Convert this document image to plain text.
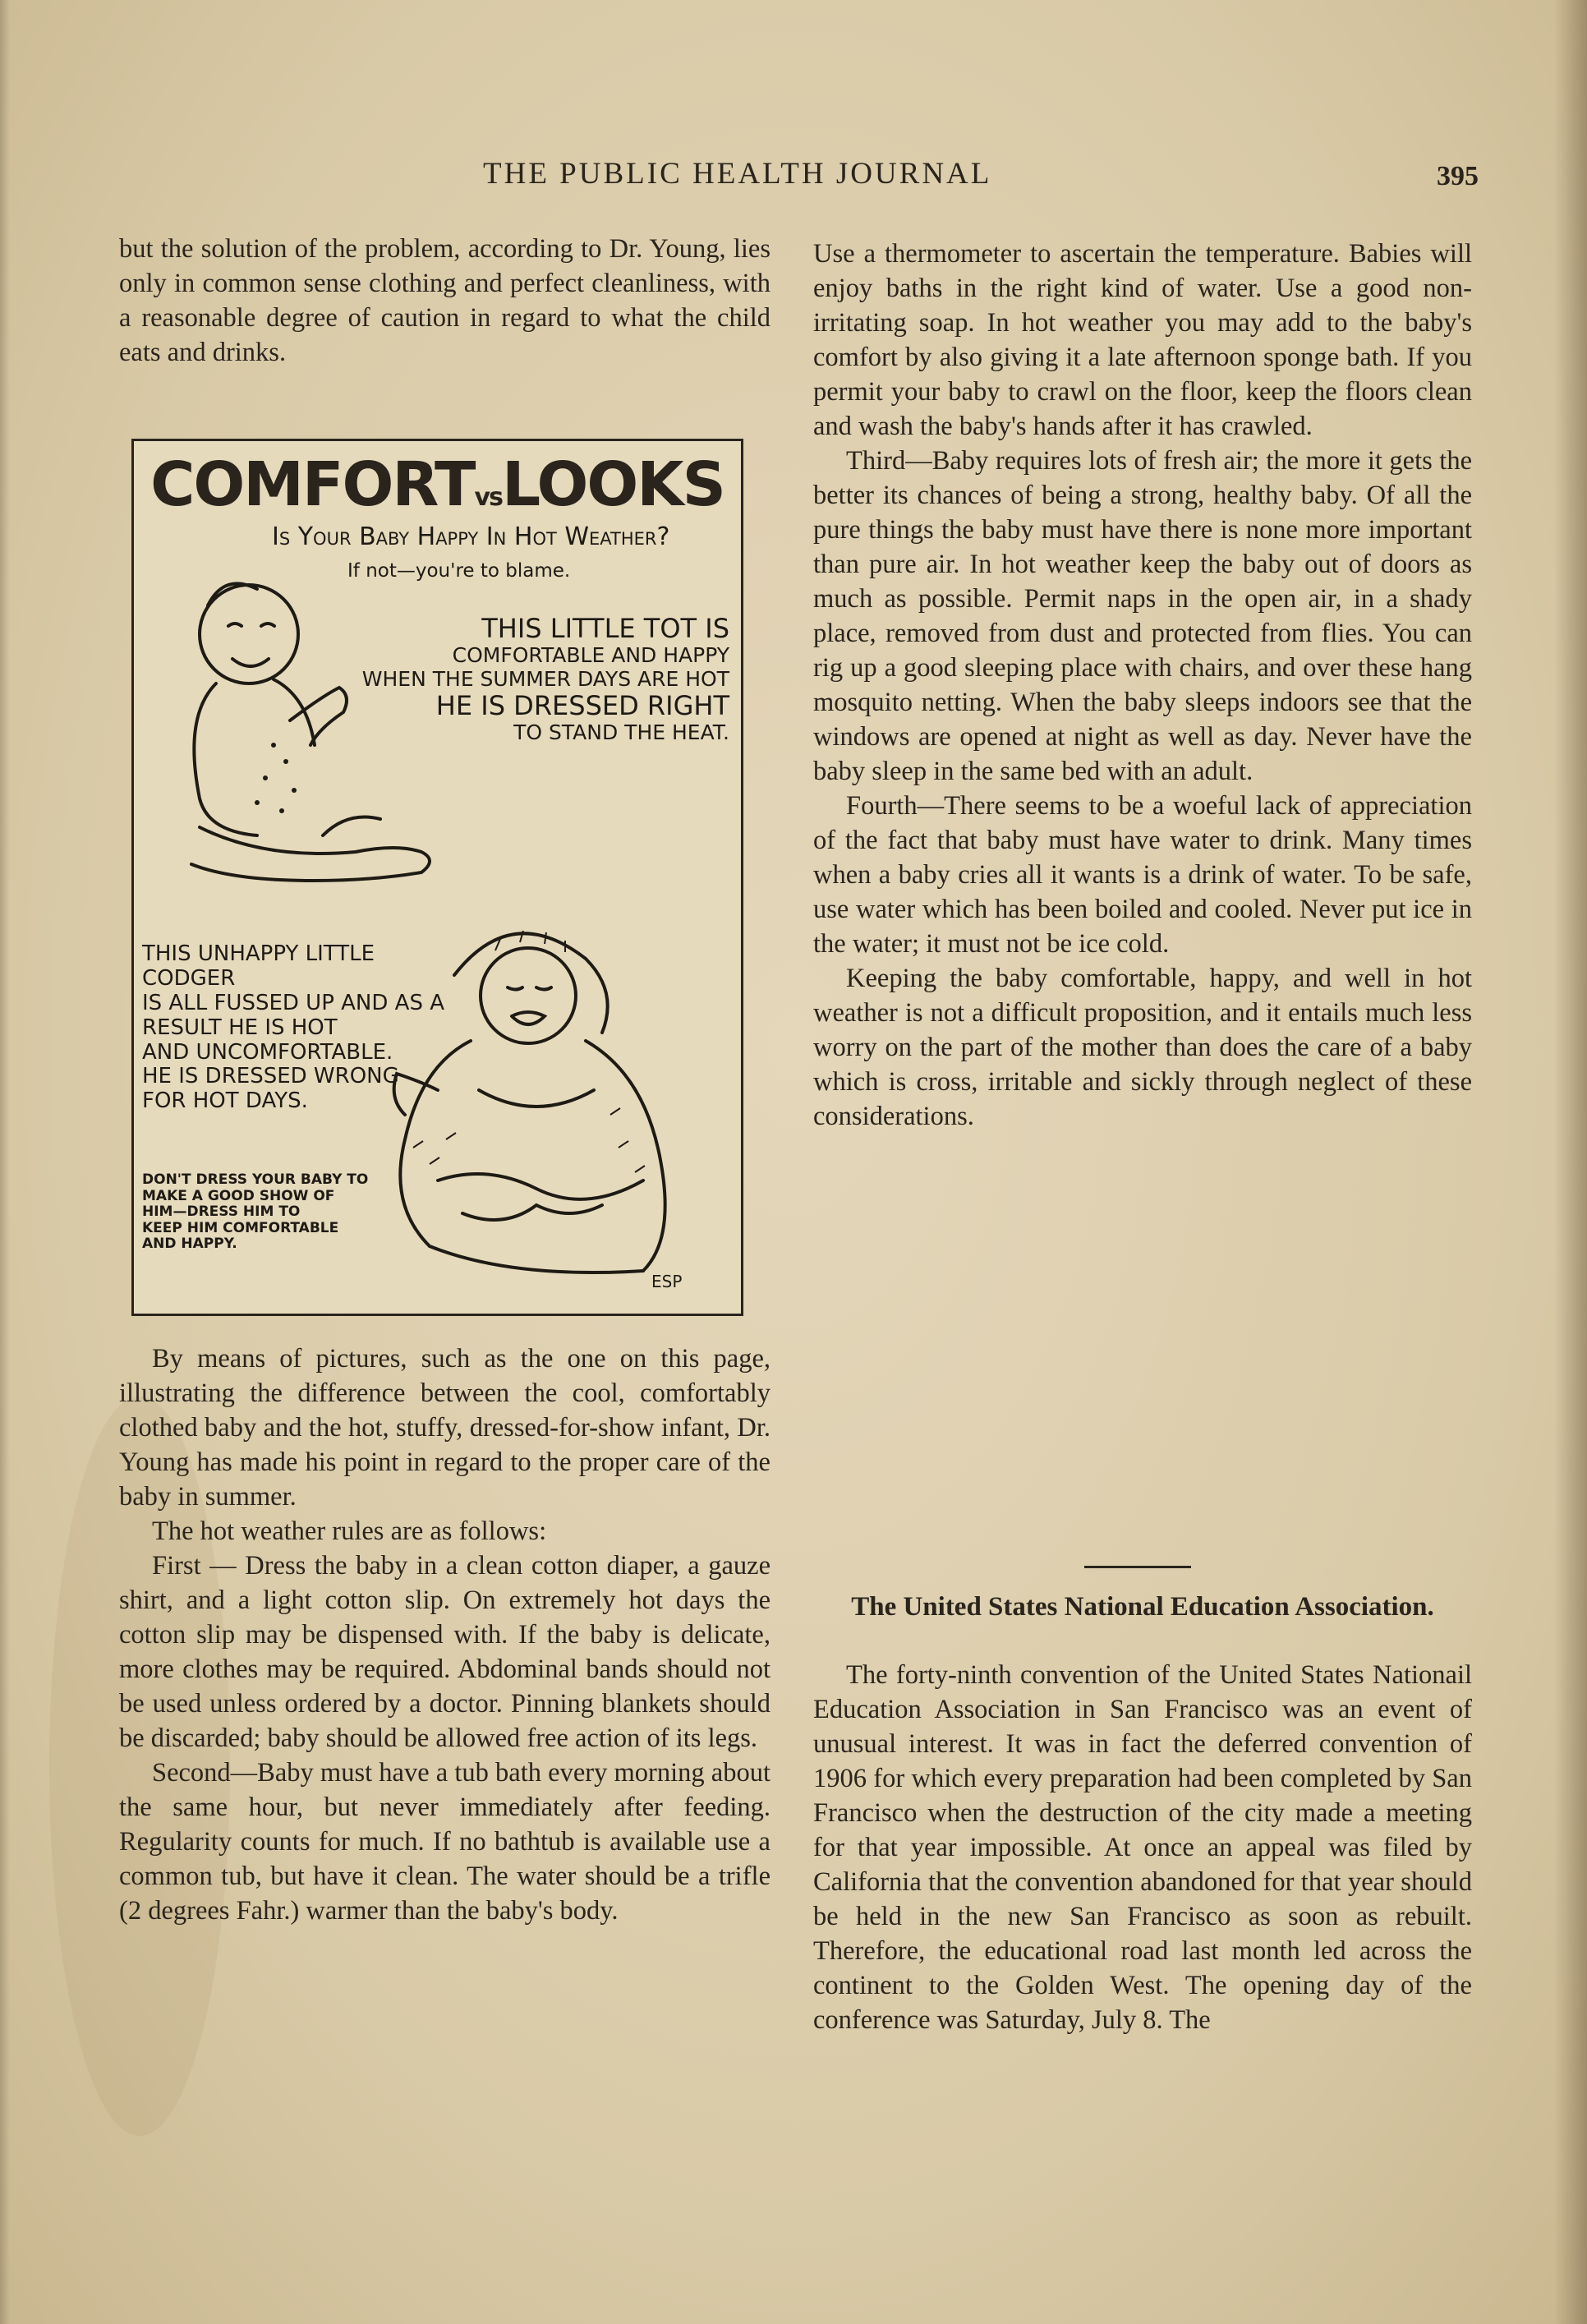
THE PUBLIC HEALTH JOURNAL	395

but the solution of the problem, according to Dr. Young, lies only in common sense clothing and perfect cleanliness, with a reasonable degree of caution in regard to what the child eats and drinks.

COMFORTvsLOOKS
Is Your Baby Happy In Hot Weather?
If not—you're to blame.
THIS LITTLE TOT IS
COMFORTABLE AND HAPPY
WHEN THE SUMMER DAYS ARE HOT
HE IS DRESSED RIGHT
TO STAND THE HEAT.
ESP
THIS UNHAPPY LITTLE CODGER
IS ALL FUSSED UP AND AS A
RESULT HE IS HOT
AND UNCOMFORTABLE.
HE IS DRESSED WRONG
FOR HOT DAYS.
DON'T DRESS YOUR BABY TO
MAKE A GOOD SHOW OF
HIM—DRESS HIM TO
KEEP HIM COMFORTABLE
AND HAPPY.

By means of pictures, such as the one on this page, illustrating the difference between the cool, comfortably clothed baby and the hot, stuffy, dressed-for-show infant, Dr. Young has made his point in regard to the proper care of the baby in summer.

The hot weather rules are as follows:

First — Dress the baby in a clean cotton diaper, a gauze shirt, and a light cotton slip. On extremely hot days the cotton slip may be dispensed with. If the baby is delicate, more clothes may be required. Abdominal bands should not be used unless ordered by a doctor. Pinning blankets should be discarded; baby should be allowed free action of its legs.

Second—Baby must have a tub bath every morning about the same hour, but never immediately after feeding. Regularity counts for much. If no bathtub is available use a common tub, but have it clean. The water should be a trifle (2 degrees Fahr.) warmer than the baby's body.

Use a thermometer to ascertain the temperature. Babies will enjoy baths in the right kind of water. Use a good non-irritating soap. In hot weather you may add to the baby's comfort by also giving it a late afternoon sponge bath. If you permit your baby to crawl on the floor, keep the floors clean and wash the baby's hands after it has crawled.

Third—Baby requires lots of fresh air; the more it gets the better its chances of being a strong, healthy baby. Of all the pure things the baby must have there is none more important than pure air. In hot weather keep the baby out of doors as much as possible. Permit naps in the open air, in a shady place, removed from dust and protected from flies. You can rig up a good sleeping place with chairs, and over these hang mosquito netting. When the baby sleeps indoors see that the windows are opened at night as well as day. Never have the baby sleep in the same bed with an adult.

Fourth—There seems to be a woeful lack of appreciation of the fact that baby must have water to drink. Many times when a baby cries all it wants is a drink of water. To be safe, use water which has been boiled and cooled. Never put ice in the water; it must not be ice cold.

Keeping the baby comfortable, happy, and well in hot weather is not a difficult proposition, and it entails much less worry on the part of the mother than does the care of a baby which is cross, irritable and sickly through neglect of these considerations.

The United States National Education Association.

The forty-ninth convention of the United States Nationail Education Association in San Francisco was an event of unusual interest. It was in fact the deferred convention of 1906 for which every preparation had been completed by San Francisco when the destruction of the city made a meeting for that year impossible. At once an appeal was filed by California that the convention abandoned for that year should be held in the new San Francisco as soon as rebuilt. Therefore, the educational road last month led across the continent to the Golden West. The opening day of the conference was Saturday, July 8. The
